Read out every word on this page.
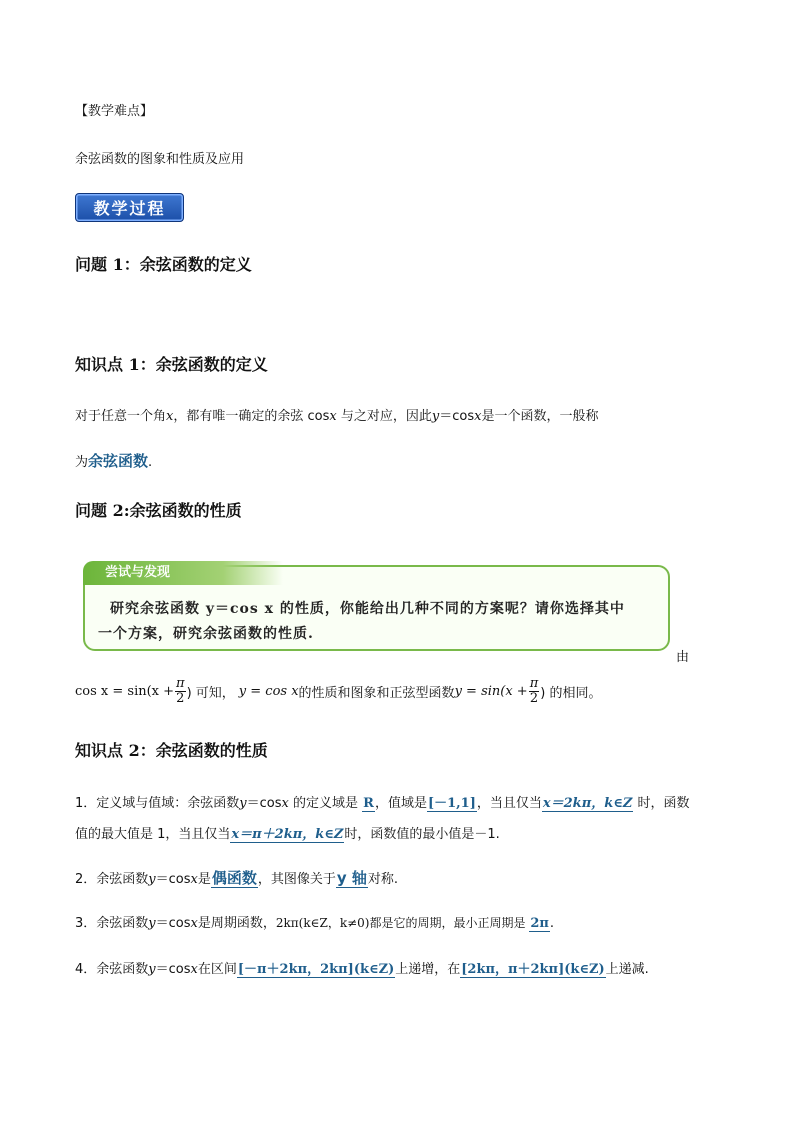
【教学难点】
余弦函数的图象和性质及应用
教学过程
问题 1：余弦函数的定义
知识点 1：余弦函数的定义
对于任意一个角x，都有唯一确定的余弦 cosx 与之对应，因此y＝cosx是一个函数，一般称
为余弦函数.
问题 2:余弦函数的性质
尝试与发现
研究余弦函数 y＝cos x 的性质，你能给出几种不同的方案呢？请你选择其中
一个方案，研究余弦函数的性质.
由
$\cos x = \sin(x + \frac{\pi}{2}$ ) 可知， y = cos x 的性质和图象和正弦型函数 $y = \sin(x + \frac{\pi}{2}$ ) 的相同。
知识点 2：余弦函数的性质
1．定义域与值域：余弦函数y＝cosx 的定义域是 R，值域是[－1,1]，当且仅当x＝2kπ，k∈Z 时，函数
值的最大值是 1，当且仅当x＝π＋2kπ，k∈Z时，函数值的最小值是－1.
2．余弦函数y＝cosx是偶函数，其图像关于y 轴对称.
3．余弦函数y＝cosx是周期函数，2kπ(k∈Z，k≠0)都是它的周期，最小正周期是 2π.
4．余弦函数y＝cosx在区间[－π＋2kπ，2kπ](k∈Z)上递增，在[2kπ，π＋2kπ](k∈Z)上递减.
